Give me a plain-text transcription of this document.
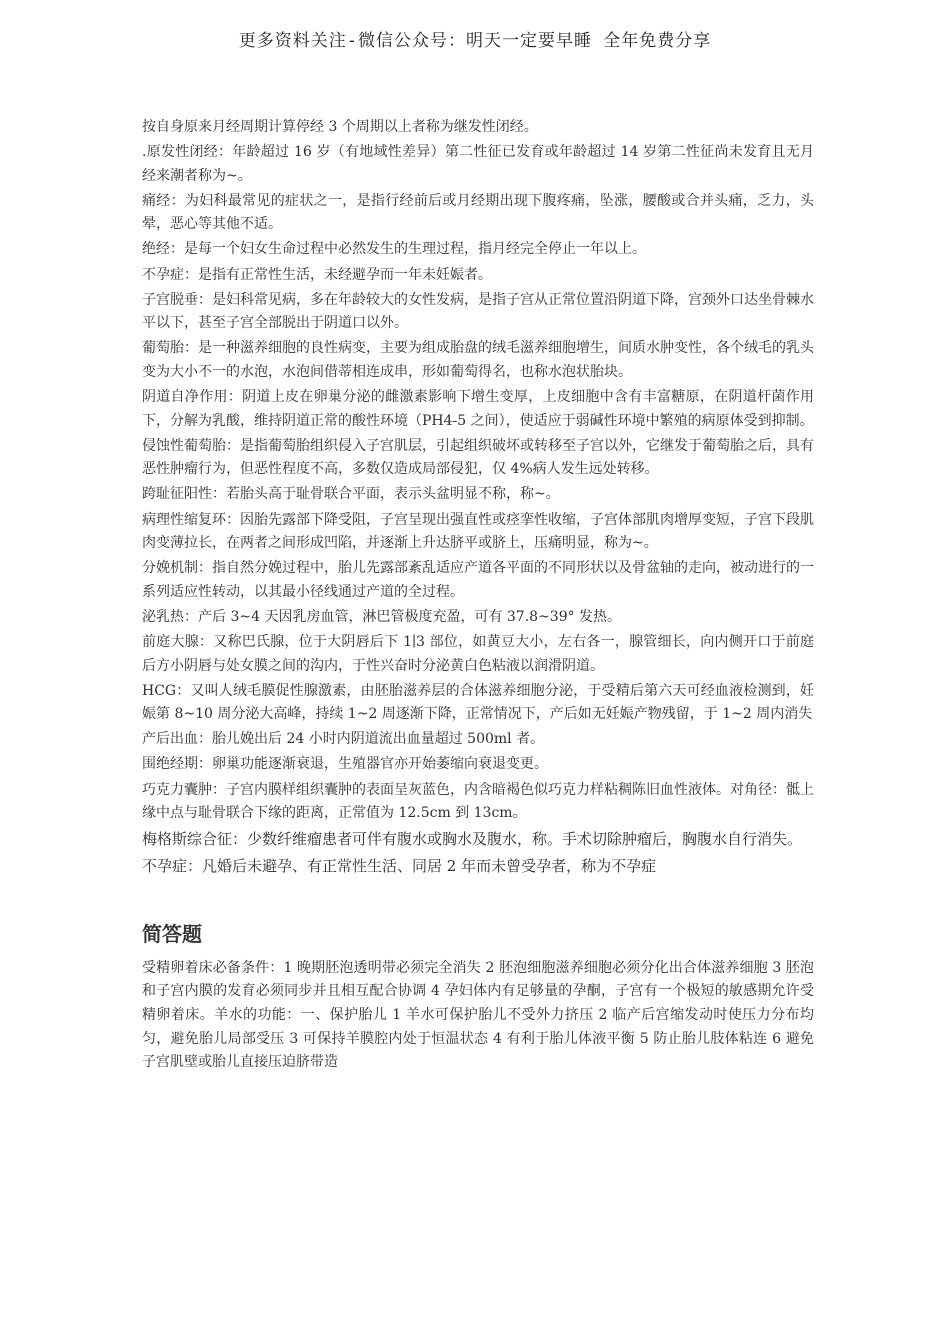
更多资料关注-微信公众号：明天一定要早睡 全年免费分享

按自身原来月经周期计算停经 3 个周期以上者称为继发性闭经。

.原发性闭经：年龄超过 16 岁（有地域性差异）第二性征已发育或年龄超过 14 岁第二性征尚未发育且无月经来潮者称为~。

痛经：为妇科最常见的症状之一，是指行经前后或月经期出现下腹疼痛，坠涨，腰酸或合并头痛，乏力，头晕，恶心等其他不适。

绝经：是每一个妇女生命过程中必然发生的生理过程，指月经完全停止一年以上。

不孕症：是指有正常性生活，未经避孕而一年未妊娠者。

子宫脱垂：是妇科常见病，多在年龄较大的女性发病，是指子宫从正常位置沿阴道下降，宫颈外口达坐骨棘水平以下，甚至子宫全部脱出于阴道口以外。

葡萄胎：是一种滋养细胞的良性病变，主要为组成胎盘的绒毛滋养细胞增生，间质水肿变性，各个绒毛的乳头变为大小不一的水泡，水泡间借蒂相连成串，形如葡萄得名，也称水泡状胎块。

阴道自净作用：阴道上皮在卵巢分泌的雌激素影响下增生变厚，上皮细胞中含有丰富糖原，在阴道杆菌作用下，分解为乳酸，维持阴道正常的酸性环境（PH4-5 之间），使适应于弱碱性环境中繁殖的病原体受到抑制。

侵蚀性葡萄胎：是指葡萄胎组织侵入子宫肌层，引起组织破坏或转移至子宫以外，它继发于葡萄胎之后，具有恶性肿瘤行为，但恶性程度不高，多数仅造成局部侵犯，仅 4%病人发生远处转移。

跨耻征阳性：若胎头高于耻骨联合平面，表示头盆明显不称，称~。

病理性缩复环：因胎先露部下降受阻，子宫呈现出强直性或痉挛性收缩，子宫体部肌肉增厚变短，子宫下段肌肉变薄拉长，在两者之间形成凹陷，并逐渐上升达脐平或脐上，压痛明显，称为~。

分娩机制：指自然分娩过程中，胎儿先露部紊乱适应产道各平面的不同形状以及骨盆轴的走向，被动进行的一系列适应性转动，以其最小径线通过产道的全过程。

泌乳热：产后 3~4 天因乳房血管，淋巴管极度充盈，可有 37.8~39° 发热。

前庭大腺：又称巴氏腺，位于大阴唇后下 1∣3 部位，如黄豆大小，左右各一，腺管细长，向内侧开口于前庭后方小阴唇与处女膜之间的沟内，于性兴奋时分泌黄白色粘液以润滑阴道。

HCG：又叫人绒毛膜促性腺激素，由胚胎滋养层的合体滋养细胞分泌，于受精后第六天可经血液检测到，妊娠第 8~10 周分泌大高峰，持续 1~2 周逐渐下降，正常情况下，产后如无妊娠产物残留，于 1~2 周内消失

产后出血：胎儿娩出后 24 小时内阴道流出血量超过 500ml 者。

围绝经期：卵巢功能逐渐衰退，生殖器官亦开始萎缩向衰退变更。

巧克力囊肿：子宫内膜样组织囊肿的表面呈灰蓝色，内含暗褐色似巧克力样粘稠陈旧血性液体。对角径：骶上缘中点与耻骨联合下缘的距离，正常值为 12.5cm 到 13cm。

梅格斯综合征：少数纤维瘤患者可伴有腹水或胸水及腹水，称。手术切除肿瘤后，胸腹水自行消失。

不孕症：凡婚后未避孕、有正常性生活、同居 2 年而未曾受孕者，称为不孕症

简答题

受精卵着床必备条件：1 晚期胚泡透明带必须完全消失 2 胚泡细胞滋养细胞必须分化出合体滋养细胞 3 胚泡和子宫内膜的发育必须同步并且相互配合协调 4 孕妇体内有足够量的孕酮，子宫有一个极短的敏感期允许受精卵着床。羊水的功能：一、保护胎儿 1 羊水可保护胎儿不受外力挤压 2 临产后宫缩发动时使压力分布均匀，避免胎儿局部受压 3 可保持羊膜腔内处于恒温状态 4 有利于胎儿体液平衡 5 防止胎儿肢体粘连 6 避免子宫肌壁或胎儿直接压迫脐带造
